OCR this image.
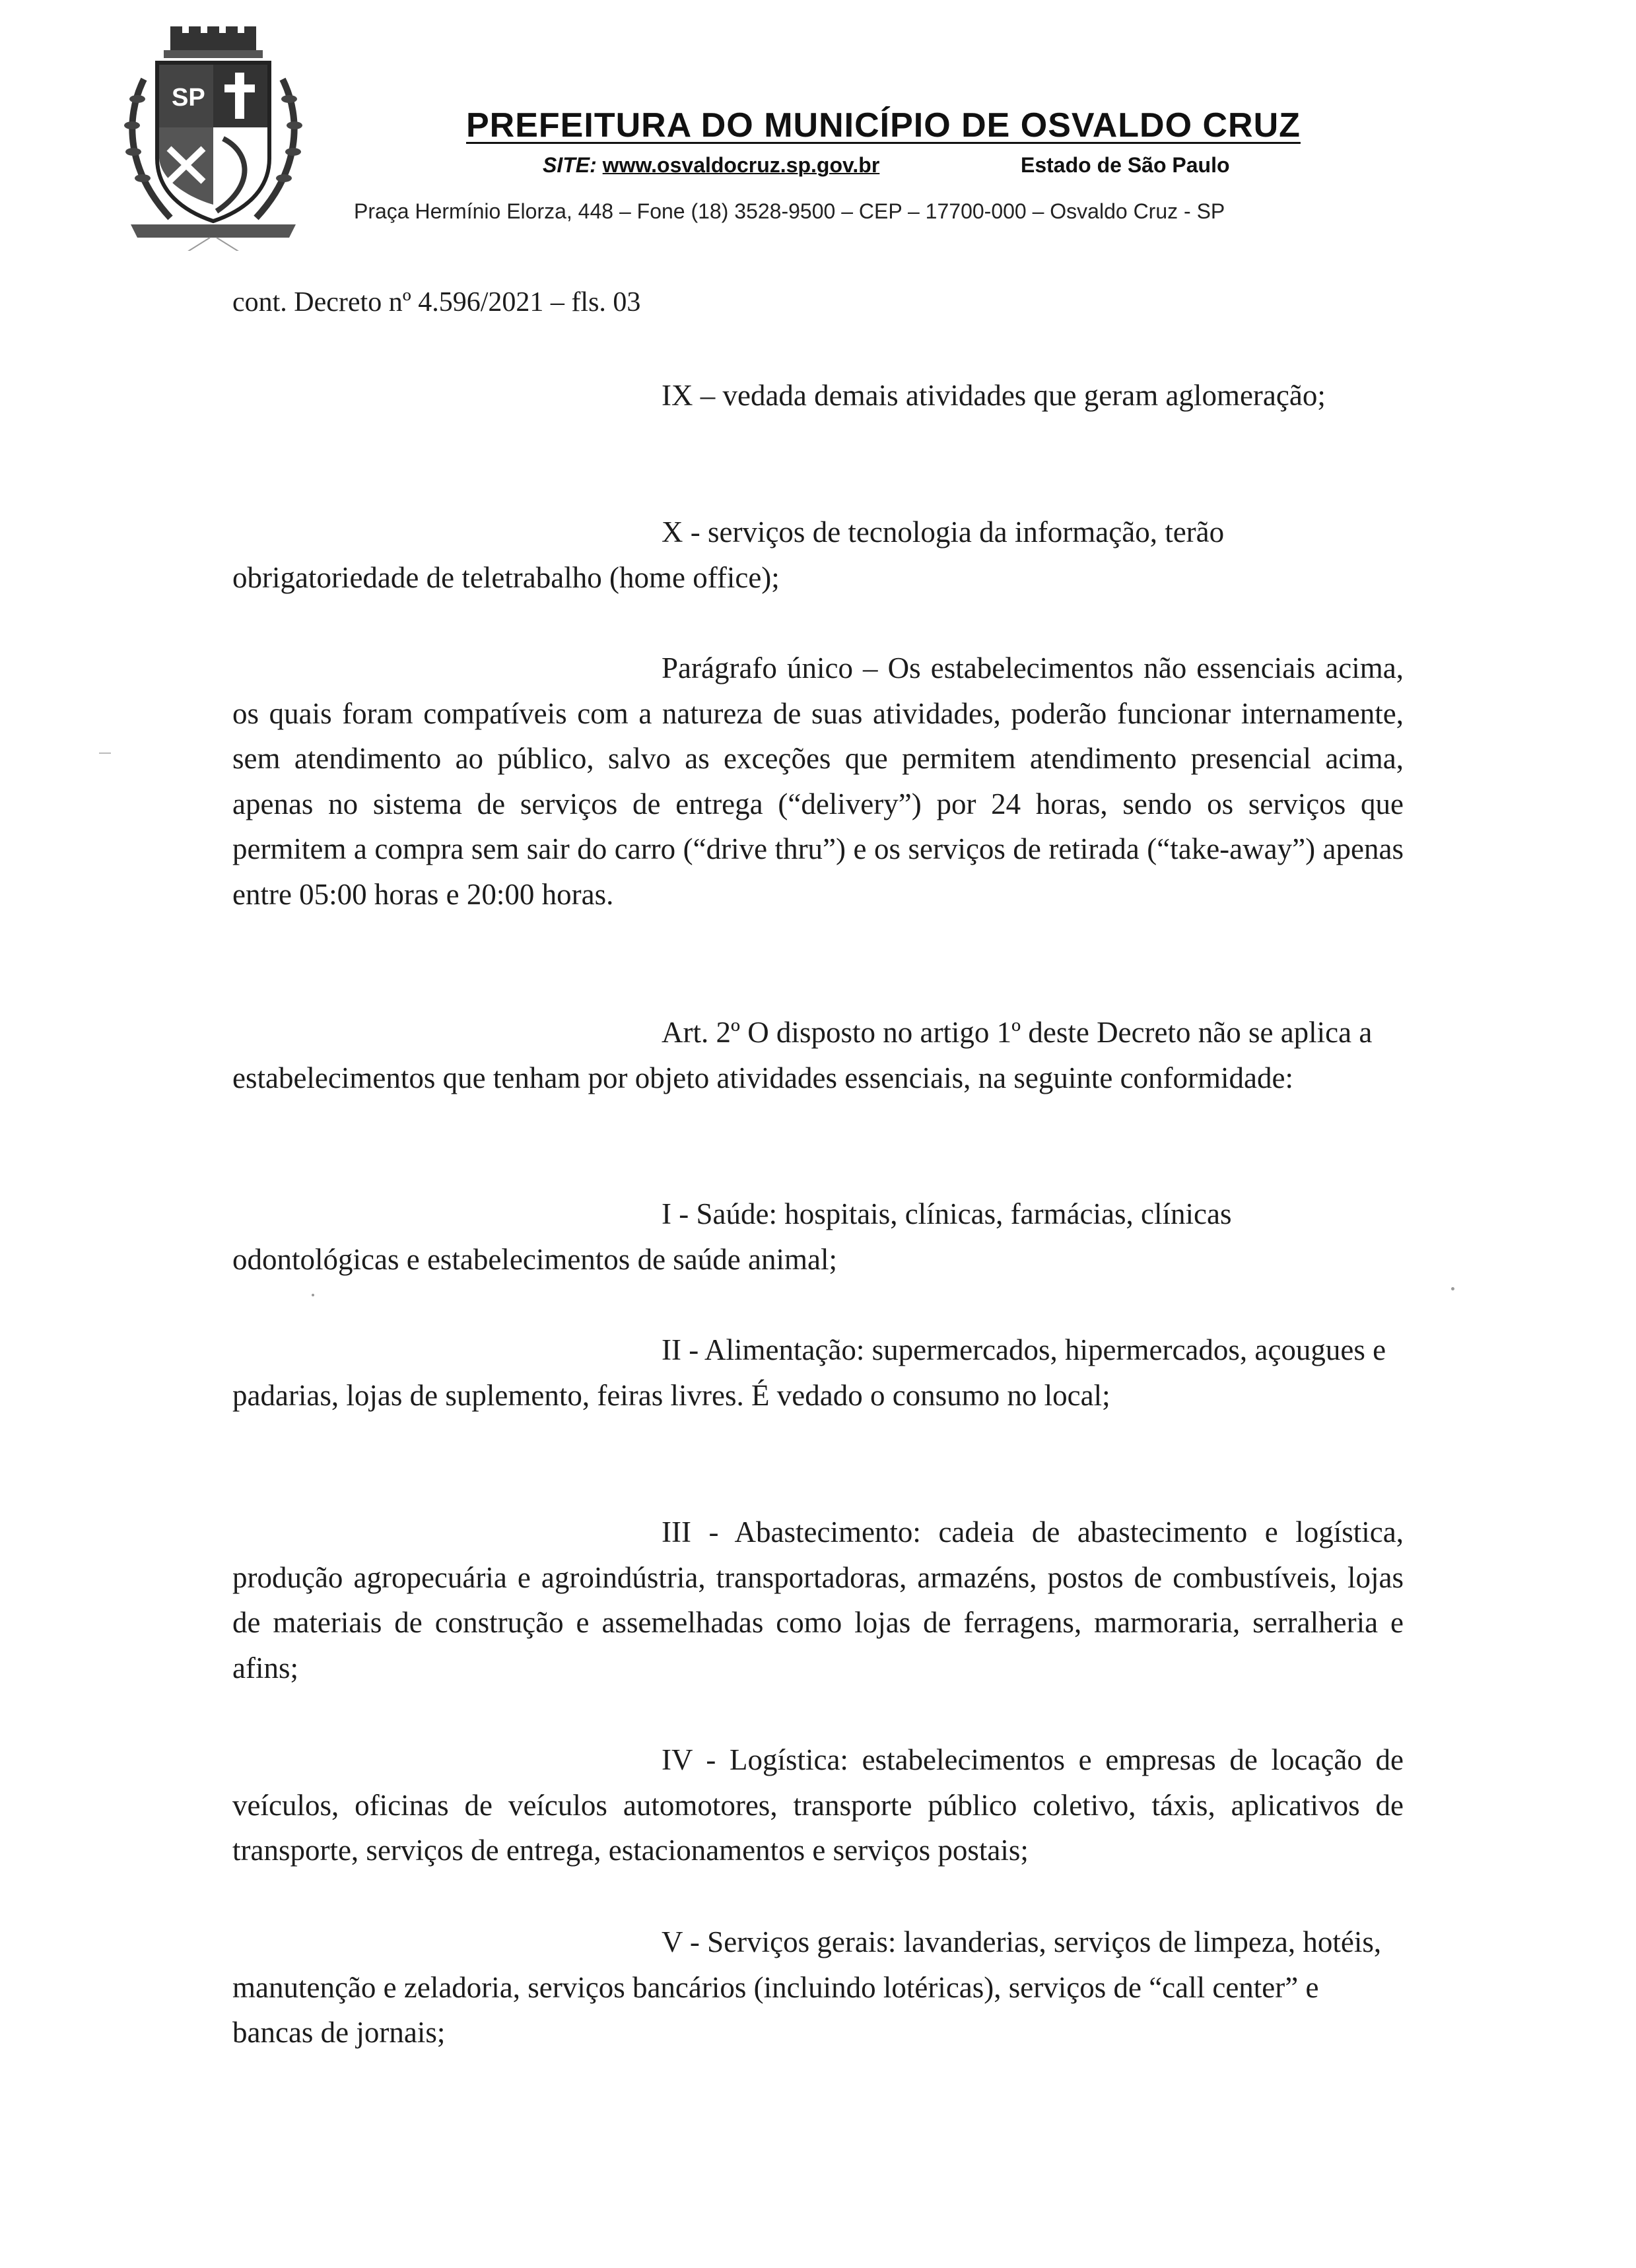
SP
PREFEITURA DO MUNICÍPIO DE OSVALDO CRUZ
SITE: www.osvaldocruz.sp.gov.br	Estado de São Paulo
Praça Hermínio Elorza, 448 – Fone (18) 3528-9500 – CEP – 17700-000 – Osvaldo Cruz - SP
cont. Decreto nº 4.596/2021 – fls. 03

IX – vedada demais atividades que geram aglomeração;

X - serviços de tecnologia da informação, terão obrigatoriedade de teletrabalho (home office);

Parágrafo único – Os estabelecimentos não essenciais acima, os quais foram compatíveis com a natureza de suas atividades, poderão funcionar internamente, sem atendimento ao público, salvo as exceções que permitem atendimento presencial acima, apenas no sistema de serviços de entrega (“delivery”) por 24 horas, sendo os serviços que permitem a compra sem sair do carro (“drive thru”) e os serviços de retirada (“take-away”) apenas entre 05:00 horas e 20:00 horas.

Art. 2º O disposto no artigo 1º deste Decreto não se aplica a estabelecimentos que tenham por objeto atividades essenciais, na seguinte conformidade:

I - Saúde: hospitais, clínicas, farmácias, clínicas odontológicas e estabelecimentos de saúde animal;

II - Alimentação: supermercados, hipermercados, açougues e padarias, lojas de suplemento, feiras livres. É vedado o consumo no local;

III - Abastecimento: cadeia de abastecimento e logística, produção agropecuária e agroindústria, transportadoras, armazéns, postos de combustíveis, lojas de materiais de construção e assemelhadas como lojas de ferragens, marmoraria, serralheria e afins;

IV - Logística: estabelecimentos e empresas de locação de veículos, oficinas de veículos automotores, transporte público coletivo, táxis, aplicativos de transporte, serviços de entrega, estacionamentos e serviços postais;

V - Serviços gerais: lavanderias, serviços de limpeza, hotéis, manutenção e zeladoria, serviços bancários (incluindo lotéricas), serviços de “call center” e bancas de jornais;
